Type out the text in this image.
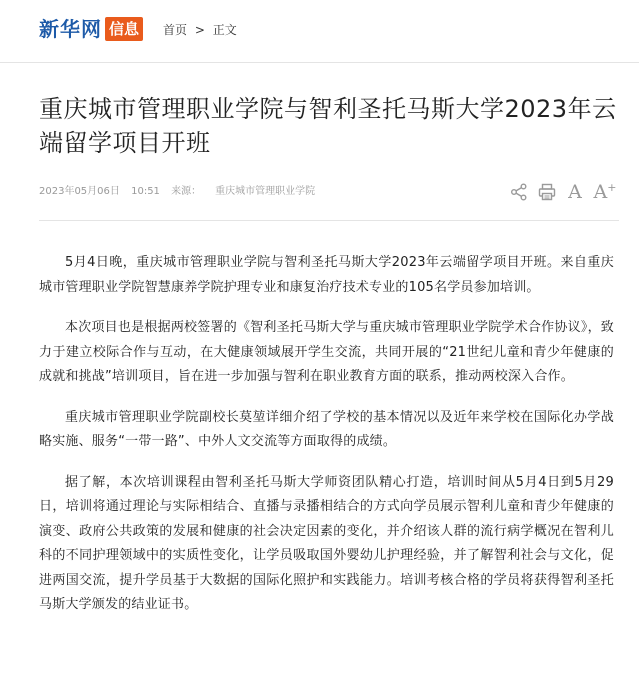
新华网 信息	首页 > 正文
重庆城市管理职业学院与智利圣托马斯大学2023年云端留学项目开班
2023年05月06日 10:51 来源： 重庆城市管理职业学院	A A +

5月4日晚，重庆城市管理职业学院与智利圣托马斯大学2023年云端留学项目开班。来自重庆城市管理职业学院智慧康养学院护理专业和康复治疗技术专业的105名学员参加培训。

本次项目也是根据两校签署的《智利圣托马斯大学与重庆城市管理职业学院学术合作协议》，致力于建立校际合作与互动，在大健康领域展开学生交流，共同开展的“21世纪儿童和青少年健康的成就和挑战”培训项目，旨在进一步加强与智利在职业教育方面的联系，推动两校深入合作。

重庆城市管理职业学院副校长莫堃详细介绍了学校的基本情况以及近年来学校在国际化办学战略实施、服务“一带一路”、中外人文交流等方面取得的成绩。

据了解，本次培训课程由智利圣托马斯大学师资团队精心打造，培训时间从5月4日到5月29日，培训将通过理论与实际相结合、直播与录播相结合的方式向学员展示智利儿童和青少年健康的演变、政府公共政策的发展和健康的社会决定因素的变化，并介绍该人群的流行病学概况在智利儿科的不同护理领域中的实质性变化，让学员吸取国外婴幼儿护理经验，并了解智利社会与文化，促进两国交流，提升学员基于大数据的国际化照护和实践能力。培训考核合格的学员将获得智利圣托马斯大学颁发的结业证书。
